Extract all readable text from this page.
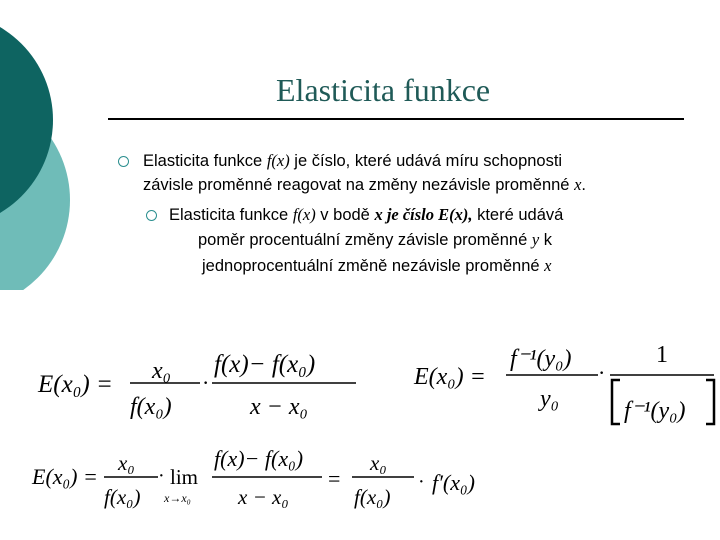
Elasticita funkce
Elasticita funkce f(x) je číslo, které udává míru schopnosti
závisle proměnné reagovat na změny nezávisle proměnné x.
Elasticita funkce f(x) v bodě x je číslo E(x), které udává
poměr procentuální změny závisle proměnné y k
jednoprocentuální změně nezávisle proměnné x
E(x₀) = x₀
f(x₀)
·
f(x)− f(x₀)
x − x₀
E(x₀) =
f⁻¹(y₀)
y₀
·
1
f⁻¹(y₀)
E(x₀) =
x₀
f(x₀)
· lim
x→x₀
f(x)− f(x₀)
x − x₀
=
x₀
f(x₀)
· f′(x₀)
